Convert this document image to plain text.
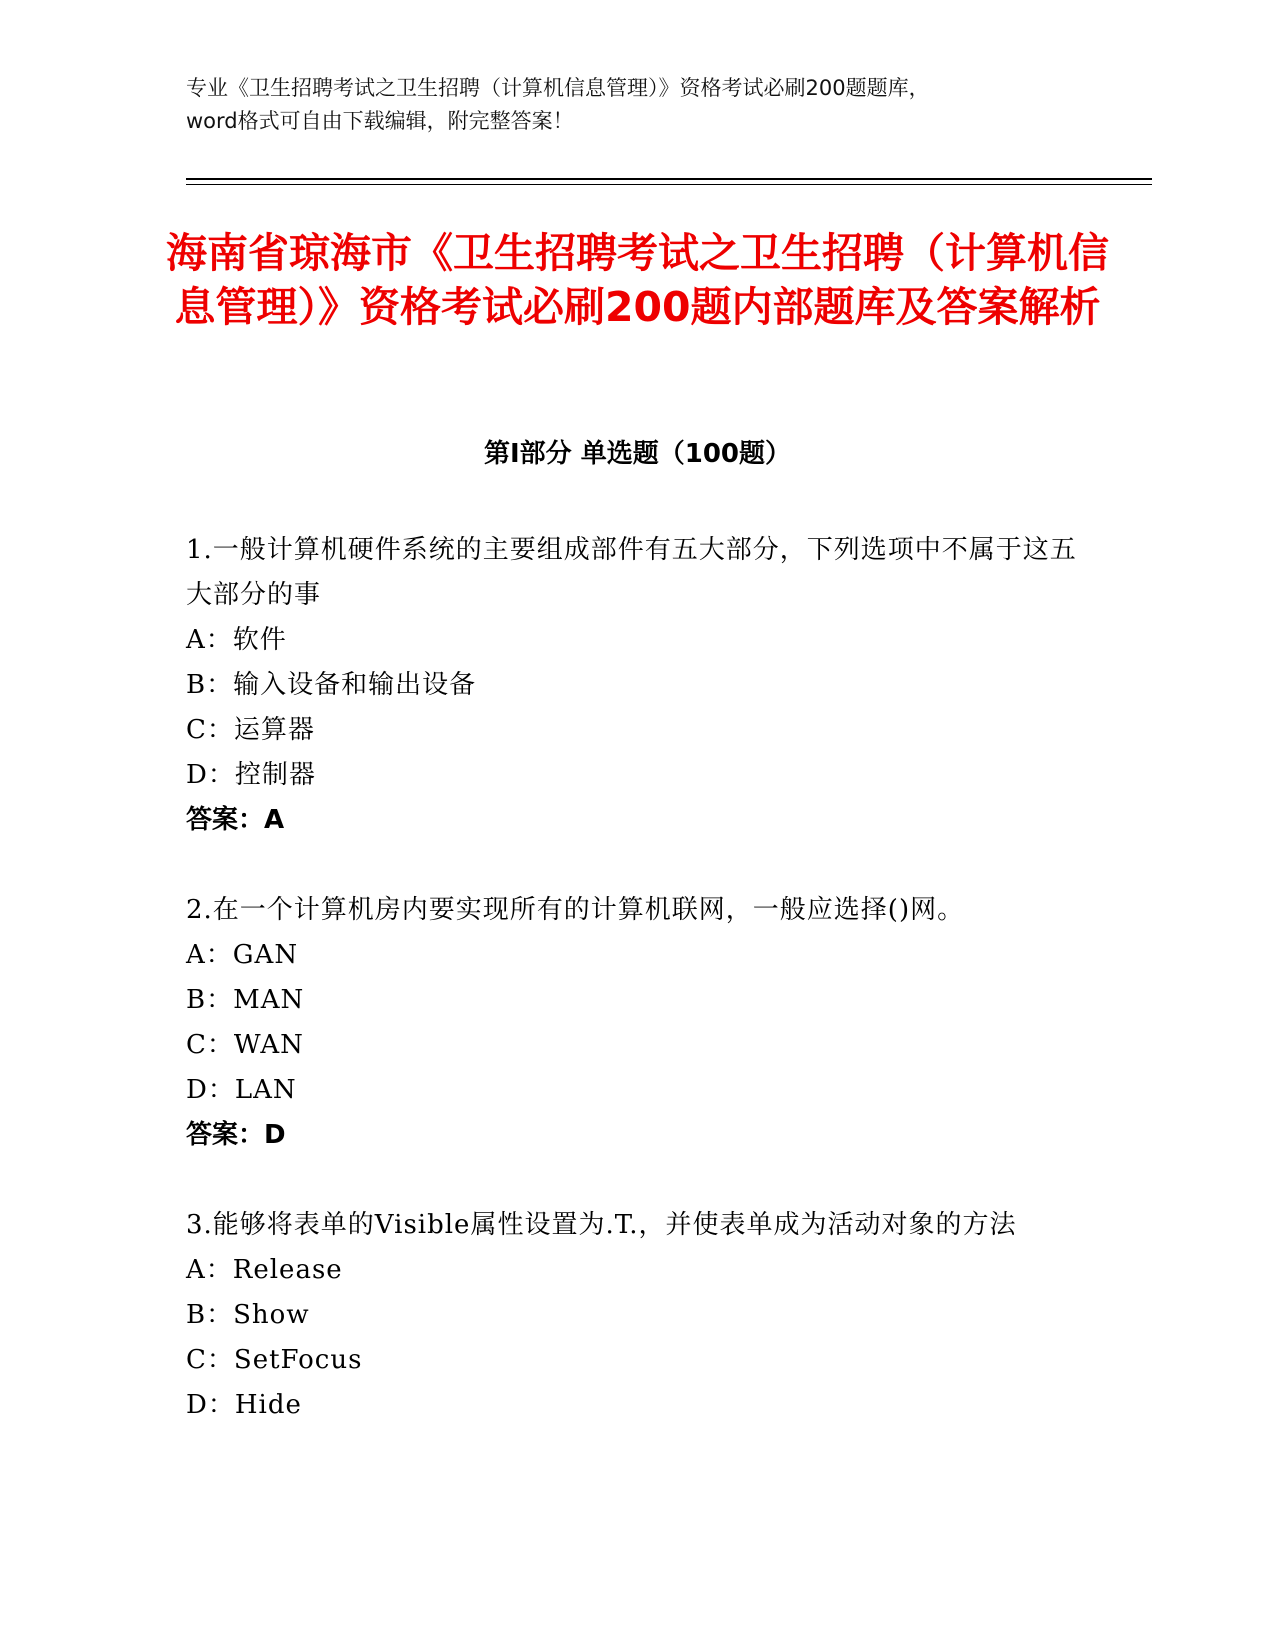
专业《卫生招聘考试之卫生招聘（计算机信息管理）》资格考试必刷200题题库，

word格式可自由下载编辑，附完整答案！

海南省琼海市《卫生招聘考试之卫生招聘（计算机信息管理）》资格考试必刷200题内部题库及答案解析
第Ⅰ部分 单选题（100题）

1.一般计算机硬件系统的主要组成部件有五大部分，下列选项中不属于这五大部分的事

A：软件

B：输入设备和输出设备

C：运算器

D：控制器

答案：A

2.在一个计算机房内要实现所有的计算机联网，一般应选择()网。

A：GAN

B：MAN

C：WAN

D：LAN

答案：D

3.能够将表单的Visible属性设置为.T.，并使表单成为活动对象的方法

A：Release

B：Show

C：SetFocus

D：Hide
